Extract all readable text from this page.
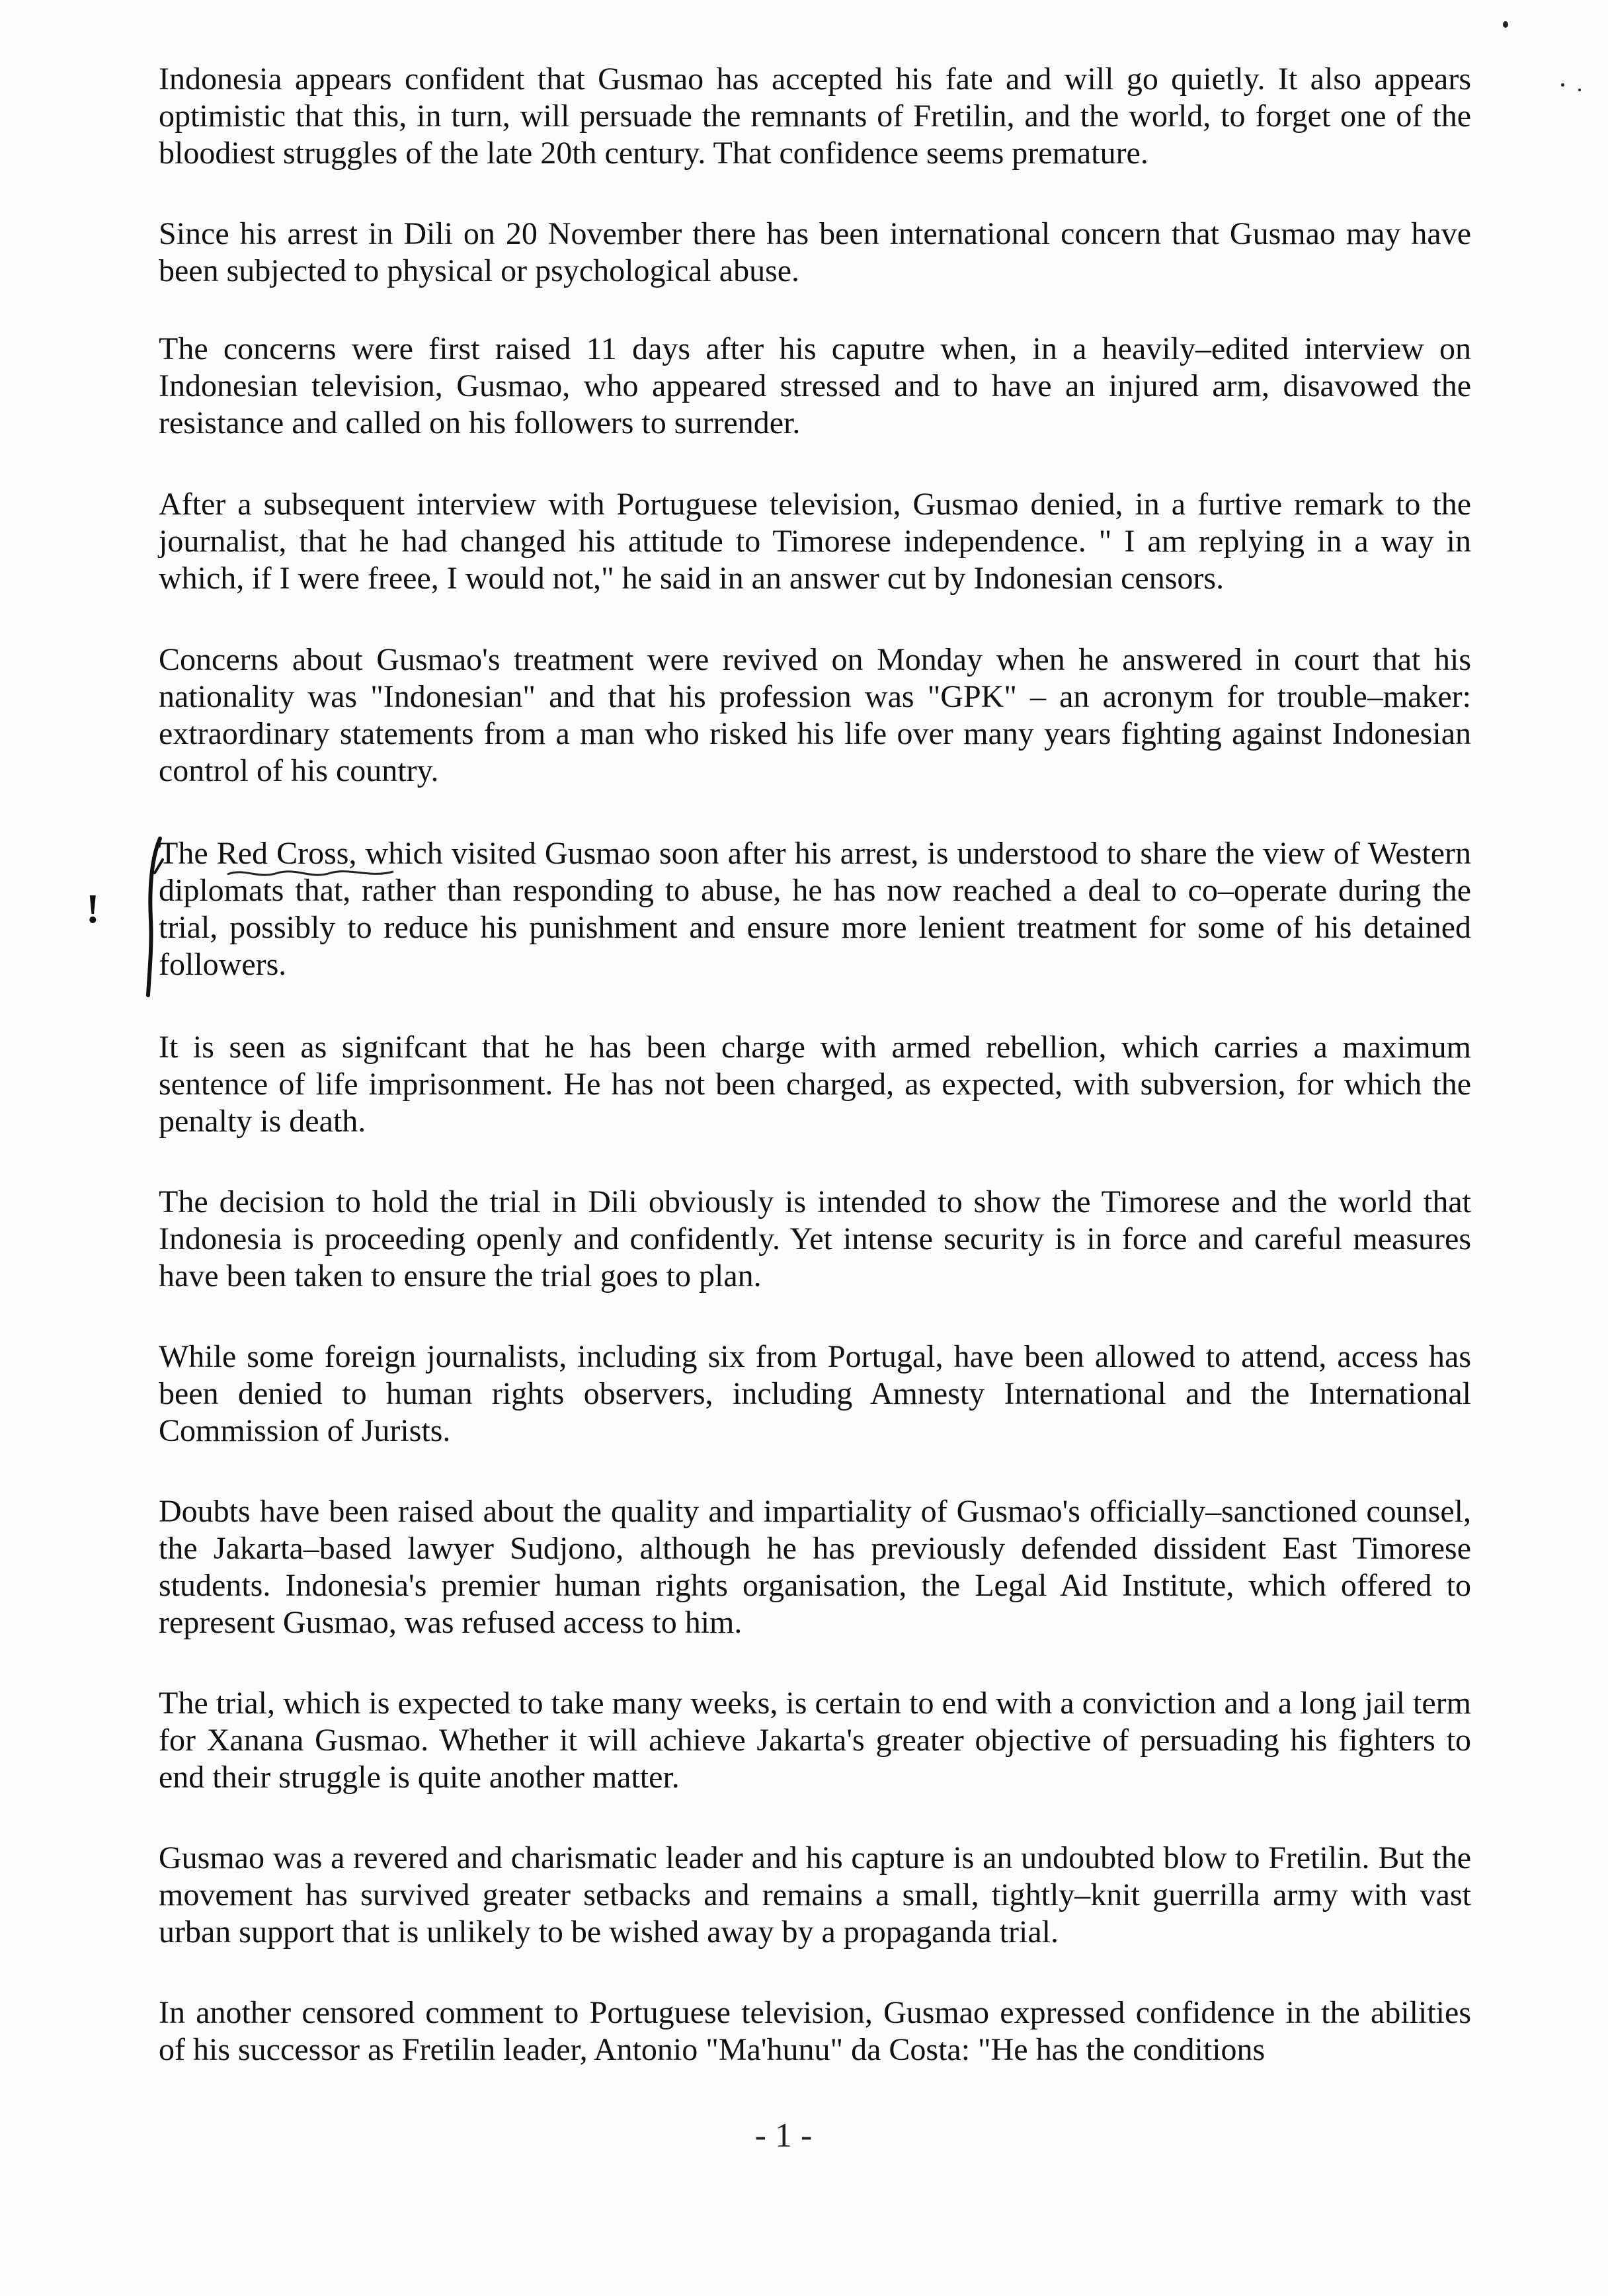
Indonesia appears confident that Gusmao has accepted his fate and will go quietly. It also appears optimistic that this, in turn, will persuade the remnants of Fretilin, and the world, to forget one of the bloodiest struggles of the late 20th century. That confidence seems premature.

Since his arrest in Dili on 20 November there has been international concern that Gusmao may have been subjected to physical or psychological abuse.

The concerns were first raised 11 days after his caputre when, in a heavily–edited interview on Indonesian television, Gusmao, who appeared stressed and to have an injured arm, disavowed the resistance and called on his followers to surrender.

After a subsequent interview with Portuguese television, Gusmao denied, in a furtive remark to the journalist, that he had changed his attitude to Timorese independence. " I am replying in a way in which, if I were freee, I would not," he said in an answer cut by Indonesian censors.

Concerns about Gusmao's treatment were revived on Monday when he answered in court that his nationality was "Indonesian" and that his profession was "GPK" – an acronym for trouble–maker: extraordinary statements from a man who risked his life over many years fighting against Indonesian control of his country.

The Red Cross, which visited Gusmao soon after his arrest, is understood to share the view of Western diplomats that, rather than responding to abuse, he has now reached a deal to co–operate during the trial, possibly to reduce his punishment and ensure more lenient treatment for some of his detained followers.

It is seen as signifcant that he has been charge with armed rebellion, which carries a maximum sentence of life imprisonment. He has not been charged, as expected, with subversion, for which the penalty is death.

The decision to hold the trial in Dili obviously is intended to show the Timorese and the world that Indonesia is proceeding openly and confidently. Yet intense security is in force and careful measures have been taken to ensure the trial goes to plan.

While some foreign journalists, including six from Portugal, have been allowed to attend, access has been denied to human rights observers, including Amnesty International and the International Commission of Jurists.

Doubts have been raised about the quality and impartiality of Gusmao's officially–sanctioned counsel, the Jakarta–based lawyer Sudjono, although he has previously defended dissident East Timorese students. Indonesia's premier human rights organisation, the Legal Aid Institute, which offered to represent Gusmao, was refused access to him.

The trial, which is expected to take many weeks, is certain to end with a conviction and a long jail term for Xanana Gusmao. Whether it will achieve Jakarta's greater objective of persuading his fighters to end their struggle is quite another matter.

Gusmao was a revered and charismatic leader and his capture is an undoubted blow to Fretilin. But the movement has survived greater setbacks and remains a small, tightly–knit guerrilla army with vast urban support that is unlikely to be wished away by a propaganda trial.

In another censored comment to Portuguese television, Gusmao expressed confidence in the abilities of his successor as Fretilin leader, Antonio "Ma'hunu" da Costa: "He has the conditions

!
- 1 -
